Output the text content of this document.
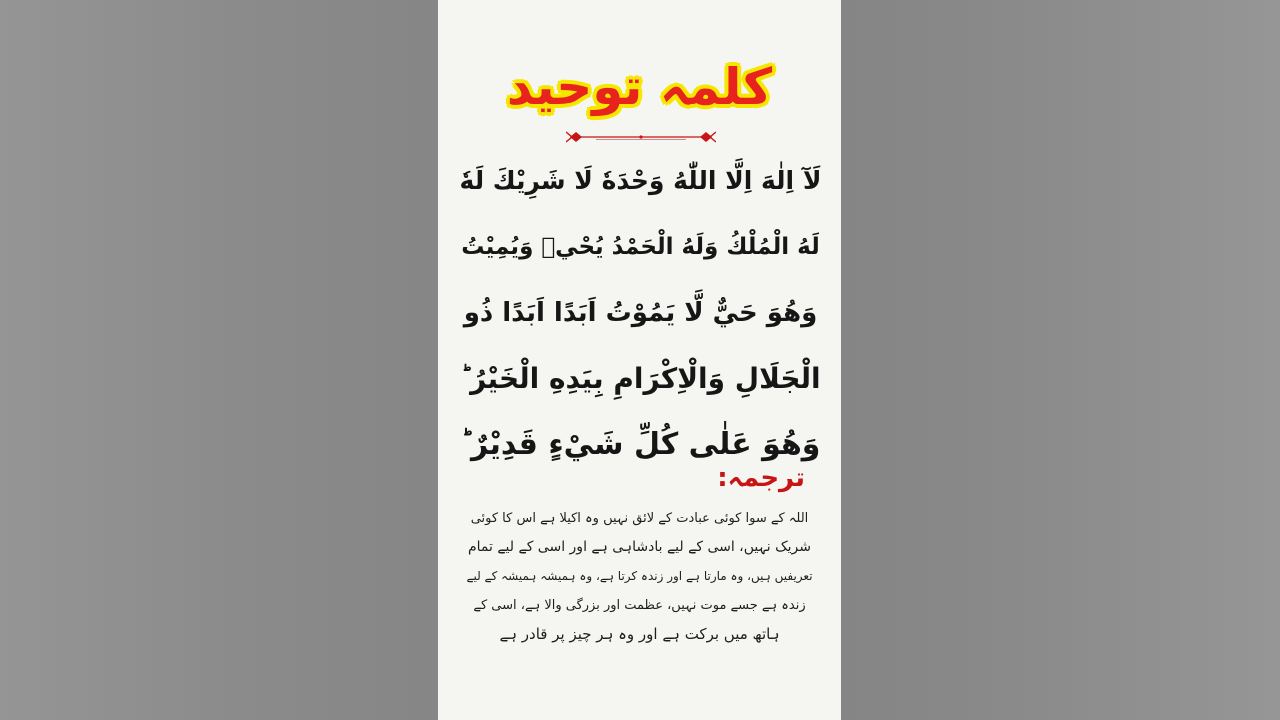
کلمہ توحید
لَآ اِلٰهَ اِلَّا اللّٰهُ وَحْدَهٗ لَا شَرِيْكَ لَهٗ
لَهُ الْمُلْكُ وَلَهُ الْحَمْدُ يُحْيٖ وَيُمِيْتُ
وَهُوَ حَيٌّ لَّا يَمُوْتُ اَبَدًا اَبَدًا ذُو
الْجَلَالِ وَالْاِكْرَامِ بِيَدِهِ الْخَيْرُ ؕ
وَهُوَ عَلٰى كُلِّ شَيْءٍ قَدِيْرٌ ؕ
ترجمہ:
اللہ کے سوا کوئی عبادت کے لائق نہیں وہ اکیلا ہے اس کا کوئی
شریک نہیں، اسی کے لیے بادشاہی ہے اور اسی کے لیے تمام
تعریفیں ہیں، وہ مارتا ہے اور زندہ کرتا ہے، وہ ہمیشہ ہمیشہ کے لیے
زندہ ہے جسے موت نہیں، عظمت اور بزرگی والا ہے، اسی کے
ہاتھ میں برکت ہے اور وہ ہر چیز پر قادر ہے
